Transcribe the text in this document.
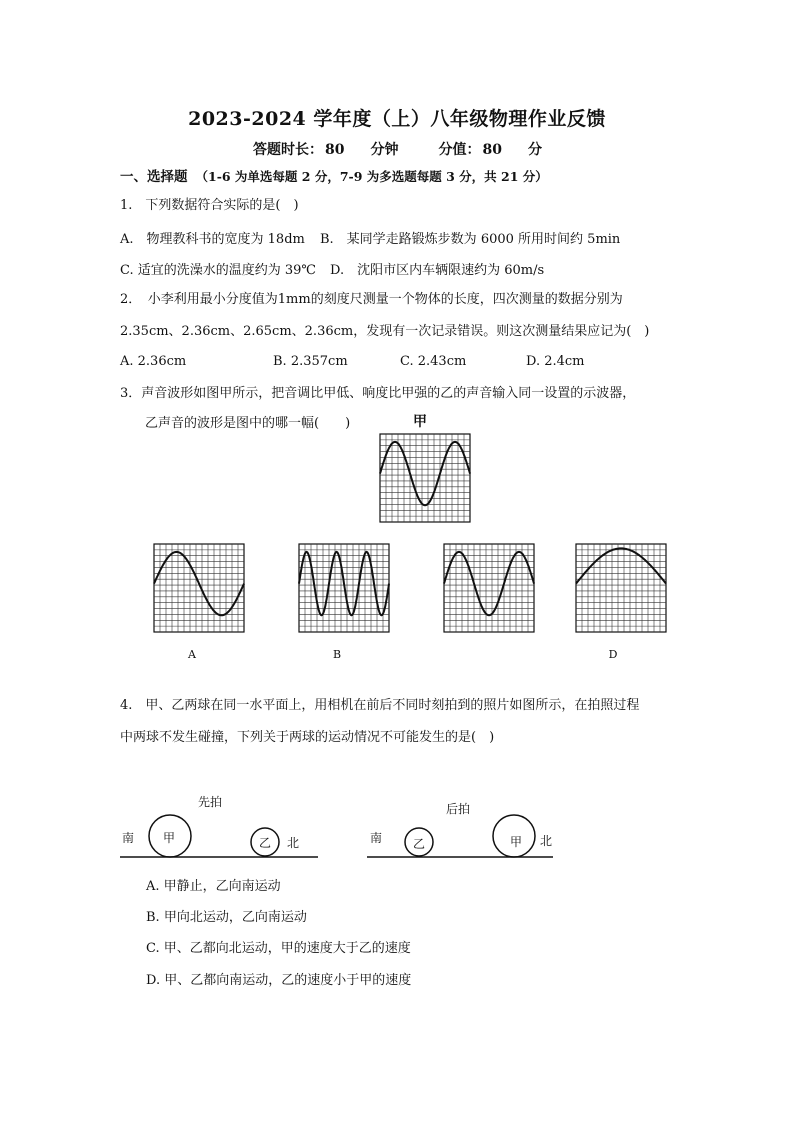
2023-2024 学年度（上）八年级物理作业反馈
答题时长： 80 分钟	分值： 80 分
一、选择题 （1-6 为单选每题 2 分，7-9 为多选题每题 3 分，共 21 分）
1.　下列数据符合实际的是(　)
A.　物理教科书的宽度为 18dm B.　某同学走路锻炼步数为 6000 所用时间约 5min
C. 适宜的洗澡水的温度约为 39℃ D.　沈阳市区内车辆限速约为 60m/s
2．　小李利用最小分度值为1mm的刻度尺测量一个物体的长度，四次测量的数据分别为
2.35cm、2.36cm、2.65cm、2.36cm，发现有一次记录错误。则这次测量结果应记为(　)
A. 2.36cm	B. 2.357cm	C. 2.43cm	D. 2.4cm
3．声音波形如图甲所示，把音调比甲低、响度比甲强的乙的声音输入同一设置的示波器，
乙声音的波形是图中的哪一幅(　　)	甲
A	B	D
4.　甲、乙两球在同一水平面上，用相机在前后不同时刻拍到的照片如图所示，在拍照过程
中两球不发生碰撞，下列关于两球的运动情况不可能发生的是(　)
先拍
南	北
甲	乙
后拍
南	北
乙	甲
A. 甲静止，乙向南运动
B. 甲向北运动，乙向南运动
C. 甲、乙都向北运动，甲的速度大于乙的速度
D. 甲、乙都向南运动，乙的速度小于甲的速度
